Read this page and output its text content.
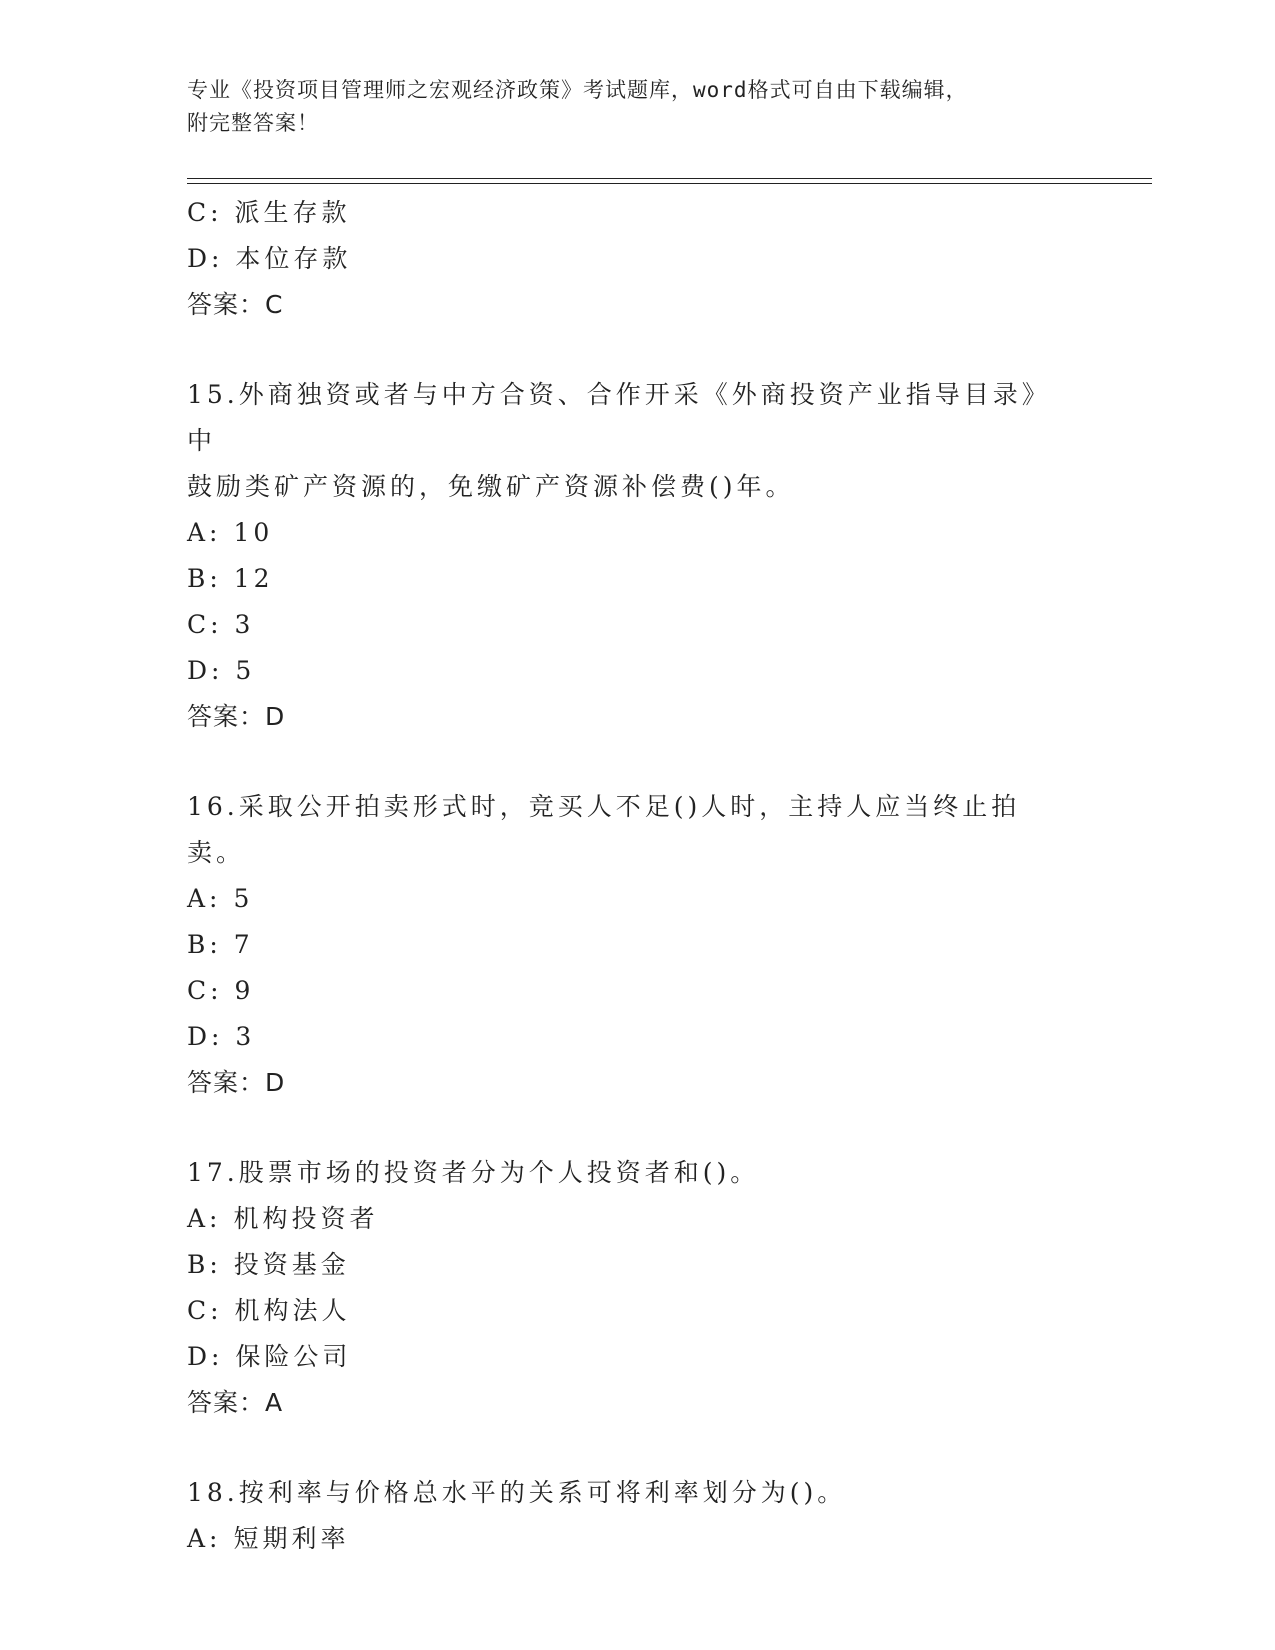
专业《投资项目管理师之宏观经济政策》考试题库，word格式可自由下载编辑，
附完整答案！
C: 派生存款
D: 本位存款
答案：C
15.外商独资或者与中方合资、合作开采《外商投资产业指导目录》中
鼓励类矿产资源的，免缴矿产资源补偿费()年。
A: 10
B: 12
C: 3
D: 5
答案：D
16.采取公开拍卖形式时，竞买人不足()人时，主持人应当终止拍卖。
A: 5
B: 7
C: 9
D: 3
答案：D
17.股票市场的投资者分为个人投资者和()。
A: 机构投资者
B: 投资基金
C: 机构法人
D: 保险公司
答案：A
18.按利率与价格总水平的关系可将利率划分为()。
A: 短期利率
